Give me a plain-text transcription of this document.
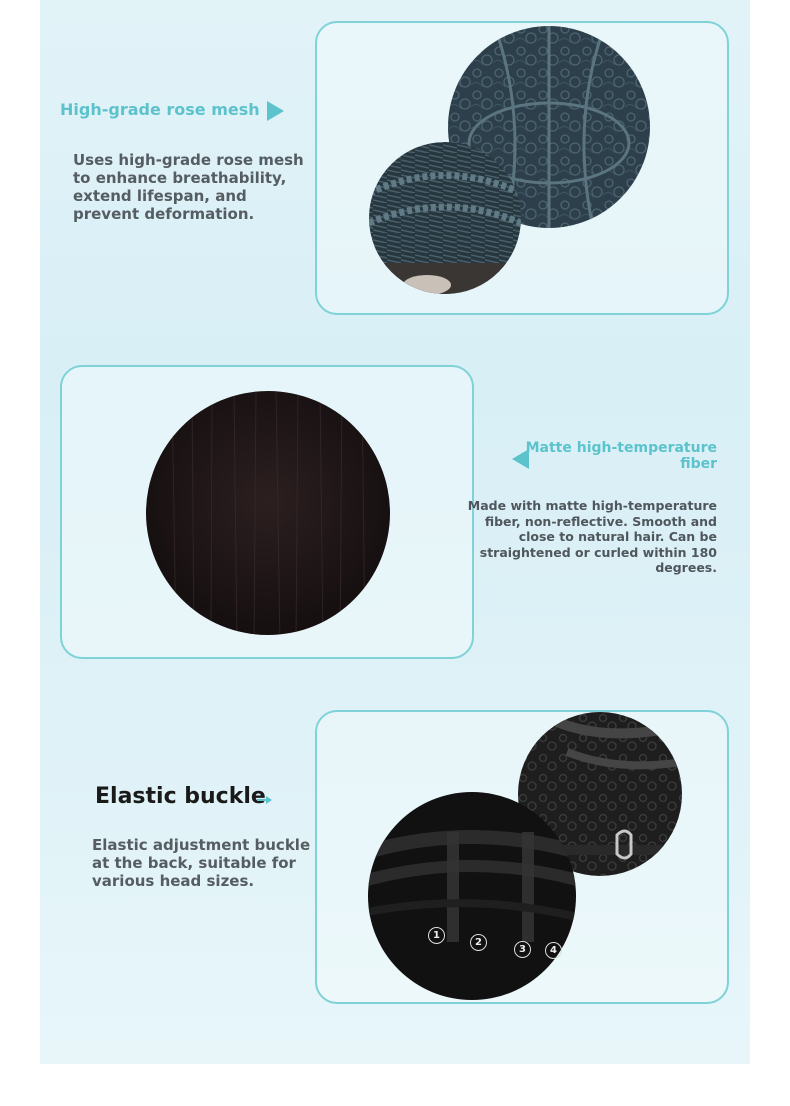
High-grade rose mesh
Uses high-grade rose mesh
to enhance breathability,
extend lifespan, and
prevent deformation.
Matte high-temperature
fiber
Made with matte high-temperature
fiber, non-reflective. Smooth and
close to natural hair. Can be
straightened or curled within 180
degrees.
Elastic buckle
Elastic adjustment buckle
at the back, suitable for
various head sizes.
1
2
3	4
